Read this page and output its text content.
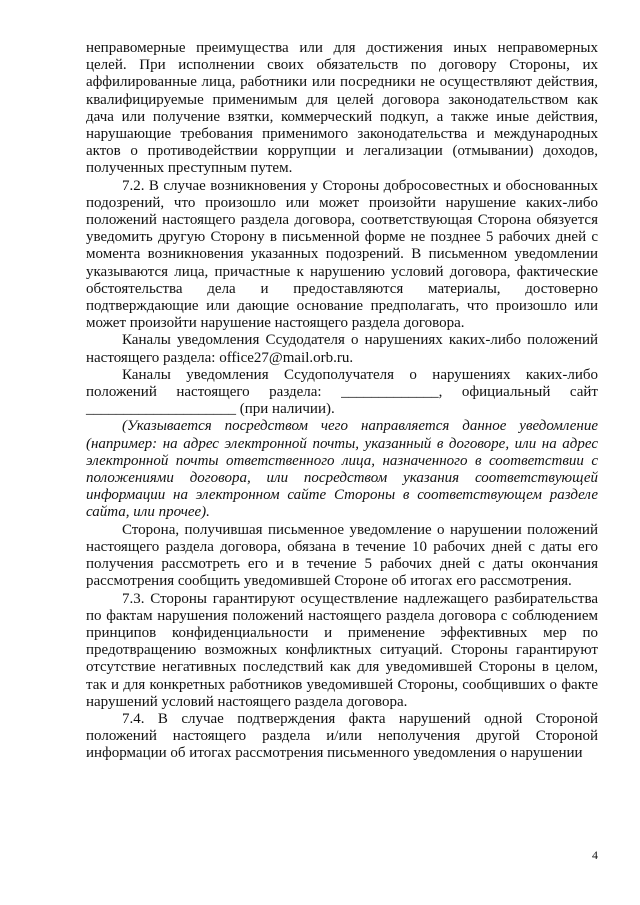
неправомерные преимущества или для достижения иных неправомерных целей. При исполнении своих обязательств по договору Стороны, их аффилированные лица, работники или посредники не осуществляют действия, квалифицируемые применимым для целей договора законодательством как дача или получение взятки, коммерческий подкуп, а также иные действия, нарушающие требования применимого законодательства и международных актов о противодействии коррупции и легализации (отмывании) доходов, полученных преступным путем.

7.2. В случае возникновения у Стороны добросовестных и обоснованных подозрений, что произошло или может произойти нарушение каких-либо положений настоящего раздела договора, соответствующая Сторона обязуется уведомить другую Сторону в письменной форме не позднее 5 рабочих дней с момента возникновения указанных подозрений. В письменном уведомлении указываются лица, причастные к нарушению условий договора, фактические обстоятельства дела и предоставляются материалы, достоверно подтверждающие или дающие основание предполагать, что произошло или может произойти нарушение настоящего раздела договора.

Каналы уведомления Ссудодателя о нарушениях каких-либо положений настоящего раздела: office27@mail.orb.ru.

Каналы уведомления Ссудополучателя о нарушениях каких-либо положений настоящего раздела: _____________, официальный сайт ____________________ (при наличии).

(Указывается посредством чего направляется данное уведомление (например: на адрес электронной почты, указанный в договоре, или на адрес электронной почты ответственного лица, назначенного в соответствии с положениями договора, или посредством указания соответствующей информации на электронном сайте Стороны в соответствующем разделе сайта, или прочее).

Сторона, получившая письменное уведомление о нарушении положений настоящего раздела договора, обязана в течение 10 рабочих дней с даты его получения рассмотреть его и в течение 5 рабочих дней с даты окончания рассмотрения сообщить уведомившей Стороне об итогах его рассмотрения.

7.3. Стороны гарантируют осуществление надлежащего разбирательства по фактам нарушения положений настоящего раздела договора с соблюдением принципов конфиденциальности и применение эффективных мер по предотвращению возможных конфликтных ситуаций. Стороны гарантируют отсутствие негативных последствий как для уведомившей Стороны в целом, так и для конкретных работников уведомившей Стороны, сообщивших о факте нарушений условий настоящего раздела договора.

7.4. В случае подтверждения факта нарушений одной Стороной положений настоящего раздела и/или неполучения другой Стороной информации об итогах рассмотрения письменного уведомления о нарушении

4
